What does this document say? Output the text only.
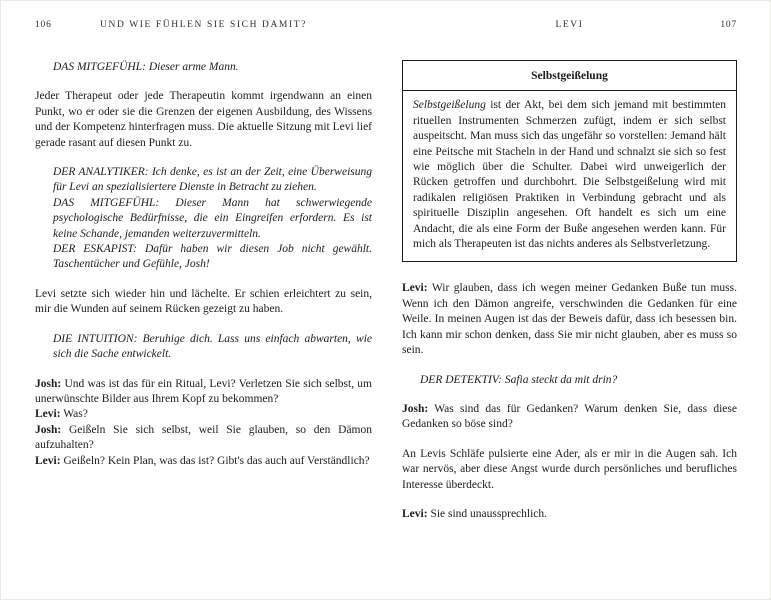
106	UND WIE FÜHLEN SIE SICH DAMIT?

DAS MITGEFÜHL: Dieser arme Mann.

Jeder Therapeut oder jede Therapeutin kommt irgendwann an einen Punkt, wo er oder sie die Grenzen der eigenen Ausbildung, des Wissens und der Kompetenz hinterfragen muss. Die aktuelle Sitzung mit Levi lief gerade rasant auf diesen Punkt zu.

DER ANALYTIKER: Ich denke, es ist an der Zeit, eine Überweisung für Levi an spezialisiertere Dienste in Betracht zu ziehen.

DAS MITGEFÜHL: Dieser Mann hat schwerwiegende psychologische Bedürfnisse, die ein Eingreifen erfordern. Es ist keine Schande, jemanden weiterzuvermitteln.

DER ESKAPIST: Dafür haben wir diesen Job nicht gewählt. Taschentücher und Gefühle, Josh!

Levi setzte sich wieder hin und lächelte. Er schien erleichtert zu sein, mir die Wunden auf seinem Rücken gezeigt zu haben.

DIE INTUITION: Beruhige dich. Lass uns einfach abwarten, wie sich die Sache entwickelt.

Josh: Und was ist das für ein Ritual, Levi? Verletzen Sie sich selbst, um unerwünschte Bilder aus Ihrem Kopf zu bekommen?

Levi: Was?

Josh: Geißeln Sie sich selbst, weil Sie glauben, so den Dämon aufzuhalten?

Levi: Geißeln? Kein Plan, was das ist? Gibt's das auch auf Verständlich?

LEVI	107
Selbstgeißelung

Selbstgeißelung ist der Akt, bei dem sich jemand mit bestimmten rituellen Instrumenten Schmerzen zufügt, indem er sich selbst auspeitscht. Man muss sich das ungefähr so vorstellen: Jemand hält eine Peitsche mit Stacheln in der Hand und schnalzt sie sich so fest wie möglich über die Schulter. Dabei wird unweigerlich der Rücken getroffen und durchbohrt. Die Selbstgeißelung wird mit radikalen religiösen Praktiken in Verbindung gebracht und als spirituelle Disziplin angesehen. Oft handelt es sich um eine Andacht, die als eine Form der Buße angesehen werden kann. Für mich als Therapeuten ist das nichts anderes als Selbstverletzung.

Levi: Wir glauben, dass ich wegen meiner Gedanken Buße tun muss. Wenn ich den Dämon angreife, verschwinden die Gedanken für eine Weile. In meinen Augen ist das der Beweis dafür, dass ich besessen bin. Ich kann mir schon denken, dass Sie mir nicht glauben, aber es muss so sein.

DER DETEKTIV: Safia steckt da mit drin?

Josh: Was sind das für Gedanken? Warum denken Sie, dass diese Gedanken so böse sind?

An Levis Schläfe pulsierte eine Ader, als er mir in die Augen sah. Ich war nervös, aber diese Angst wurde durch persönliches und berufliches Interesse überdeckt.

Levi: Sie sind unaussprechlich.
